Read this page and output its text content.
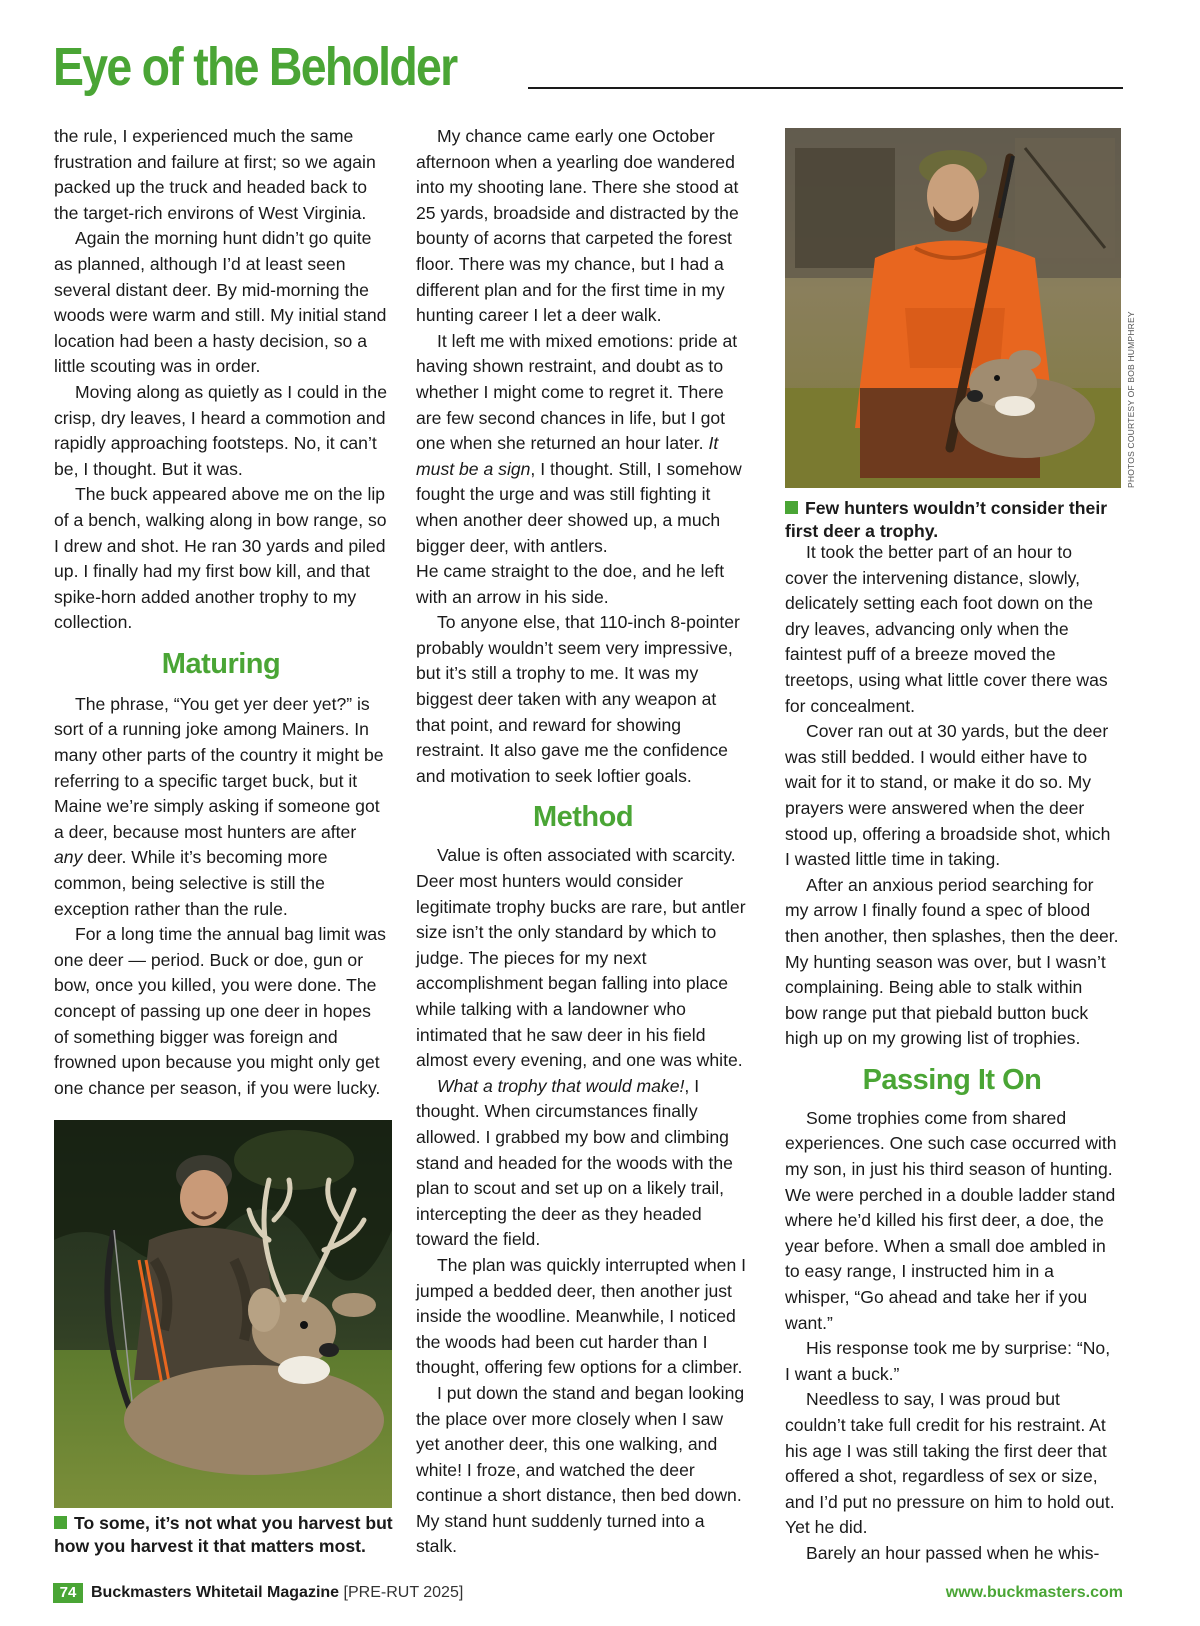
Eye of the Beholder

the rule, I experienced much the same frustration and failure at first; so we again packed up the truck and headed back to the target-rich environs of West Virginia.

Again the morning hunt didn’t go quite as planned, although I’d at least seen several distant deer. By mid-morning the woods were warm and still. My initial stand location had been a hasty decision, so a little scouting was in order.

Moving along as quietly as I could in the crisp, dry leaves, I heard a commotion and rapidly approaching footsteps. No, it can’t be, I thought. But it was.

The buck appeared above me on the lip of a bench, walking along in bow range, so I drew and shot. He ran 30 yards and piled up. I finally had my first bow kill, and that spike-horn added another trophy to my collection.

Maturing

The phrase, “You get yer deer yet?” is sort of a running joke among Mainers. In many other parts of the country it might be referring to a specific target buck, but it Maine we’re simply asking if someone got a deer, because most hunters are after any deer. While it’s becoming more common, being selective is still the exception rather than the rule.

For a long time the annual bag limit was one deer — period. Buck or doe, gun or bow, once you killed, you were done. The concept of passing up one deer in hopes of something bigger was foreign and frowned upon because you might only get one chance per season, if you were lucky.

To some, it’s not what you harvest but how you harvest it that matters most.

My chance came early one October afternoon when a yearling doe wandered into my shooting lane. There she stood at 25 yards, broadside and distracted by the bounty of acorns that carpeted the forest floor. There was my chance, but I had a different plan and for the first time in my hunting career I let a deer walk.

It left me with mixed emotions: pride at having shown restraint, and doubt as to whether I might come to regret it. There are few second chances in life, but I got one when she returned an hour later. It must be a sign, I thought. Still, I somehow fought the urge and was still fighting it when another deer showed up, a much bigger deer, with antlers.

He came straight to the doe, and he left with an arrow in his side.

To anyone else, that 110-inch 8-pointer probably wouldn’t seem very impressive, but it’s still a trophy to me. It was my biggest deer taken with any weapon at that point, and reward for showing restraint. It also gave me the confidence and motivation to seek loftier goals.

Method

Value is often associated with scarcity. Deer most hunters would consider legitimate trophy bucks are rare, but antler size isn’t the only standard by which to judge. The pieces for my next accomplishment began falling into place while talking with a landowner who intimated that he saw deer in his field almost every evening, and one was white.

What a trophy that would make!, I thought. When circumstances finally allowed. I grabbed my bow and climbing stand and headed for the woods with the plan to scout and set up on a likely trail, intercepting the deer as they headed toward the field.

The plan was quickly interrupted when I jumped a bedded deer, then another just inside the woodline. Meanwhile, I noticed the woods had been cut harder than I thought, offering few options for a climber.

I put down the stand and began looking the place over more closely when I saw yet another deer, this one walking, and white! I froze, and watched the deer continue a short distance, then bed down. My stand hunt suddenly turned into a stalk.

PHOTOS COURTESY OF BOB HUMPHREY
Few hunters wouldn’t consider their first deer a trophy.

It took the better part of an hour to cover the intervening distance, slowly, delicately setting each foot down on the dry leaves, advancing only when the faintest puff of a breeze moved the treetops, using what little cover there was for concealment.

Cover ran out at 30 yards, but the deer was still bedded. I would either have to wait for it to stand, or make it do so. My prayers were answered when the deer stood up, offering a broadside shot, which I wasted little time in taking.

After an anxious period searching for my arrow I finally found a spec of blood then another, then splashes, then the deer. My hunting season was over, but I wasn’t complaining. Being able to stalk within bow range put that piebald button buck high up on my growing list of trophies.

Passing It On

Some trophies come from shared experiences. One such case occurred with my son, in just his third season of hunting. We were perched in a double ladder stand where he’d killed his first deer, a doe, the year before. When a small doe ambled in to easy range, I instructed him in a whisper, “Go ahead and take her if you want.”

His response took me by surprise: “No, I want a buck.”

Needless to say, I was proud but couldn’t take full credit for his restraint. At his age I was still taking the first deer that offered a shot, regardless of sex or size, and I’d put no pressure on him to hold out. Yet he did.

Barely an hour passed when he whis-

74 Buckmasters Whitetail Magazine [PRE-RUT 2025]	www.buckmasters.com
